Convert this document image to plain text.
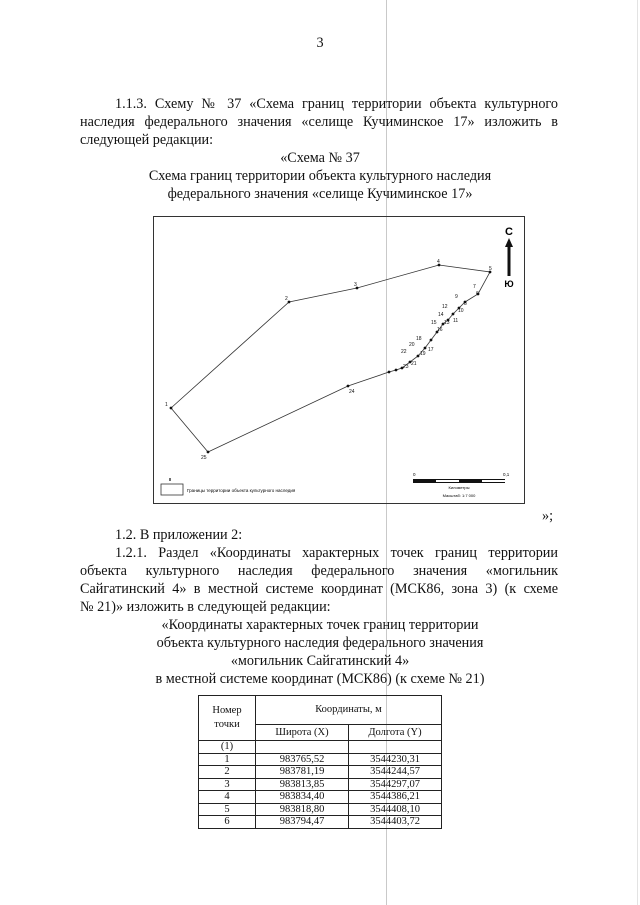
3
1.1.3. Схему № 37 «Схема границ территории объекта культурного
наследия федерального значения «селище Кучиминское 17» изложить в
следующей редакции:
«Схема № 37
Схема границ территории объекта культурного наследия
федерального значения «селище Кучиминское 17»
1
2
3
4
5
6
7
8
9
10
11
12
13
14
15
16
17
18
19
20
21
22
23
24
25
С
Ю
Границы территории объекта культурного наследия
0	0,1
Километры
Масштаб: 1:7 000
»;
1.2. В приложении 2:
1.2.1. Раздел «Координаты характерных точек границ территории
объекта культурного наследия федерального значения «могильник
Сайгатинский 4» в местной системе координат (МСК86, зона 3) (к схеме
№ 21)» изложить в следующей редакции:
«Координаты характерных точек границ территории
объекта культурного наследия федерального значения
«могильник Сайгатинский 4»
в местной системе координат (МСК86) (к схеме № 21)
Номер
точки	Координаты, м	
	Широта (X)	Долгота (Y)
(1)		
1	983765,52	3544230,31
2	983781,19	3544244,57
3	983813,85	3544297,07
4	983834,40	3544386,21
5	983818,80	3544408,10
6	983794,47	3544403,72
